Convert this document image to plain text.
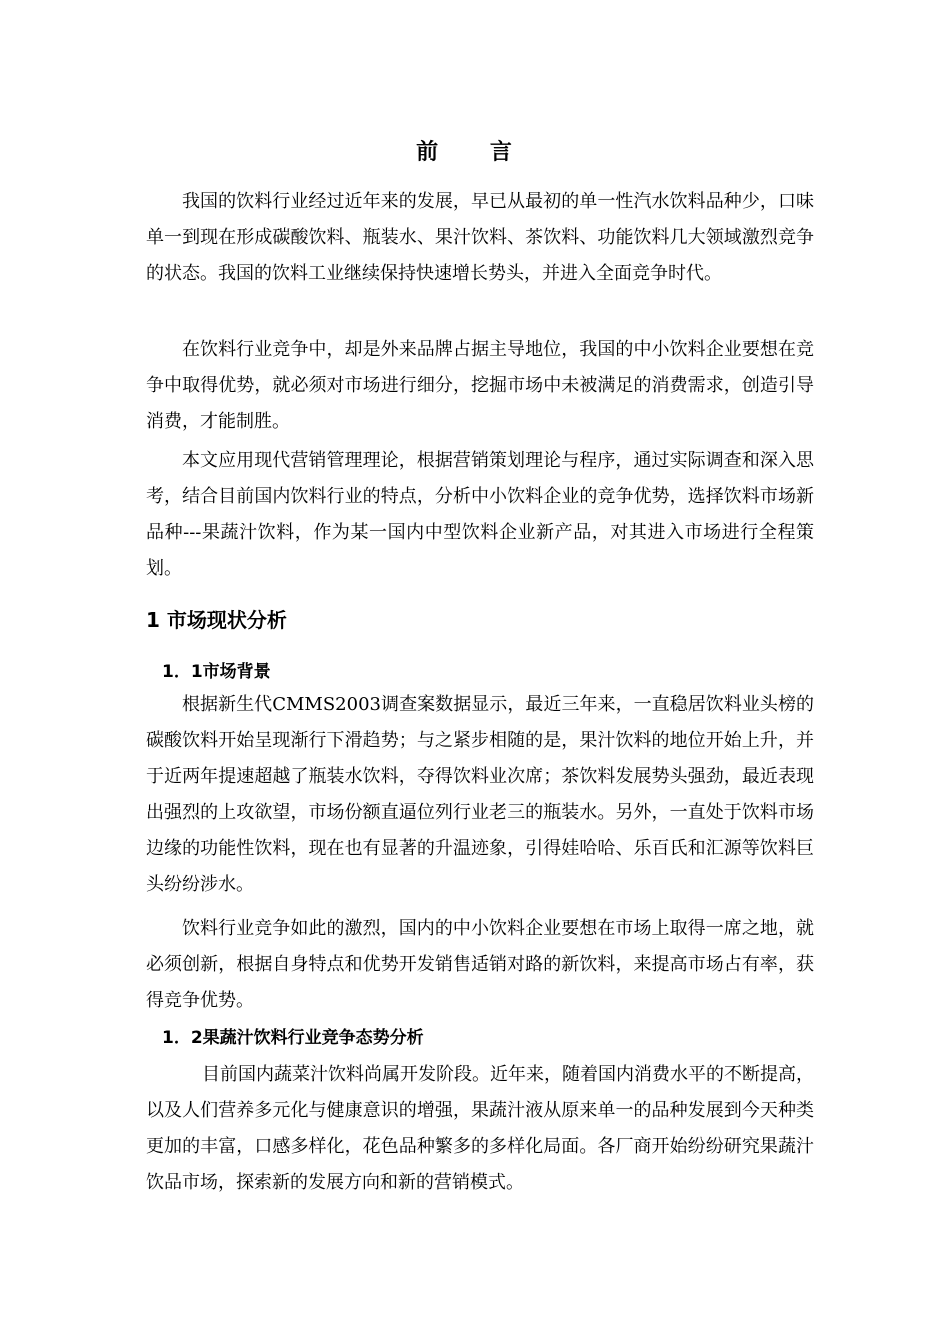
前 言

我国的饮料行业经过近年来的发展，早已从最初的单一性汽水饮料品种少，口味单一到现在形成碳酸饮料、瓶装水、果汁饮料、茶饮料、功能饮料几大领域激烈竞争的状态。我国的饮料工业继续保持快速增长势头，并进入全面竞争时代。

在饮料行业竞争中，却是外来品牌占据主导地位，我国的中小饮料企业要想在竞争中取得优势，就必须对市场进行细分，挖掘市场中未被满足的消费需求，创造引导消费，才能制胜。

本文应用现代营销管理理论，根据营销策划理论与程序，通过实际调查和深入思考，结合目前国内饮料行业的特点，分析中小饮料企业的竞争优势，选择饮料市场新品种---果蔬汁饮料，作为某一国内中型饮料企业新产品，对其进入市场进行全程策划。

1 市场现状分析
1．1市场背景

根据新生代CMMS2003调查案数据显示，最近三年来，一直稳居饮料业头榜的碳酸饮料开始呈现渐行下滑趋势；与之紧步相随的是，果汁饮料的地位开始上升，并于近两年提速超越了瓶装水饮料，夺得饮料业次席；茶饮料发展势头强劲，最近表现出强烈的上攻欲望，市场份额直逼位列行业老三的瓶装水。另外，一直处于饮料市场边缘的功能性饮料，现在也有显著的升温迹象，引得娃哈哈、乐百氏和汇源等饮料巨头纷纷涉水。

饮料行业竞争如此的激烈，国内的中小饮料企业要想在市场上取得一席之地，就必须创新，根据自身特点和优势开发销售适销对路的新饮料，来提高市场占有率，获得竞争优势。

1．2果蔬汁饮料行业竞争态势分析

目前国内蔬菜汁饮料尚属开发阶段。近年来，随着国内消费水平的不断提高，以及人们营养多元化与健康意识的增强，果蔬汁液从原来单一的品种发展到今天种类更加的丰富，口感多样化，花色品种繁多的多样化局面。各厂商开始纷纷研究果蔬汁饮品市场，探索新的发展方向和新的营销模式。
